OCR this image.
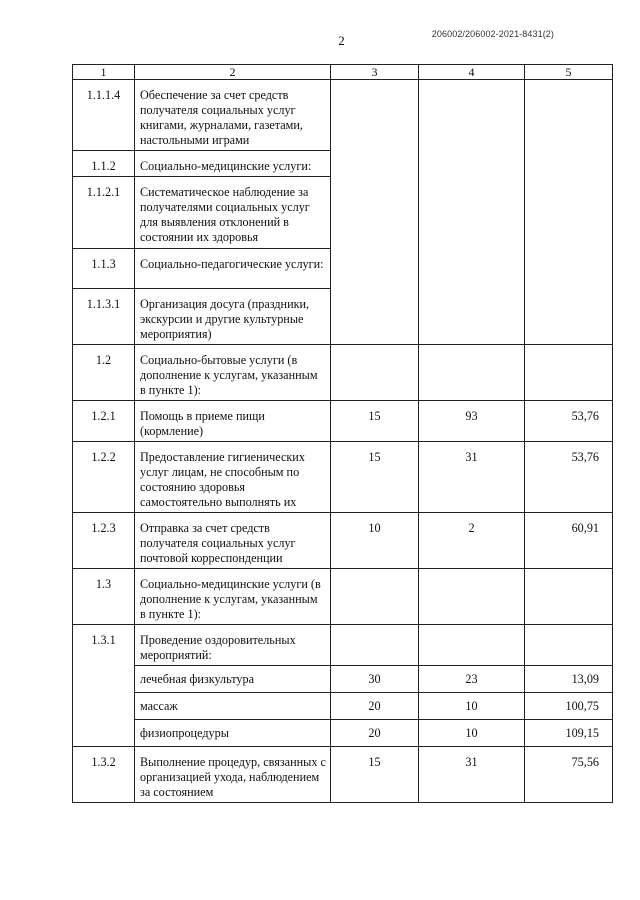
206002/206002-2021-8431(2)
2
1	2	3	4	5
1.1.1.4	Обеспечение за счет средств получателя социальных услуг книгами, журналами, газетами, настольными играми			
1.1.2	Социально-медицинские услуги:			
1.1.2.1	Систематическое наблюдение за получателями социальных услуг для выявления отклонений в состоянии их здоровья			
1.1.3	Социально-педагогические услуги:			
1.1.3.1	Организация досуга (праздники, экскурсии и другие культурные мероприятия)			
1.2	Социально-бытовые услуги (в дополнение к услугам, указанным в пункте 1):			
1.2.1	Помощь в приеме пищи (кормление)	15	93	53,76
1.2.2	Предоставление гигиенических услуг лицам, не способным по состоянию здоровья самостоятельно выполнять их	15	31	53,76
1.2.3	Отправка за счет средств получателя социальных услуг почтовой корреспонденции	10	2	60,91
1.3	Социально-медицинские услуги (в дополнение к услугам, указанным в пункте 1):			
1.3.1	Проведение оздоровительных мероприятий:			
	лечебная физкультура	30	23	13,09
	массаж	20	10	100,75
	физиопроцедуры	20	10	109,15
1.3.2	Выполнение процедур, связанных с организацией ухода, наблюдением за состоянием	15	31	75,56
